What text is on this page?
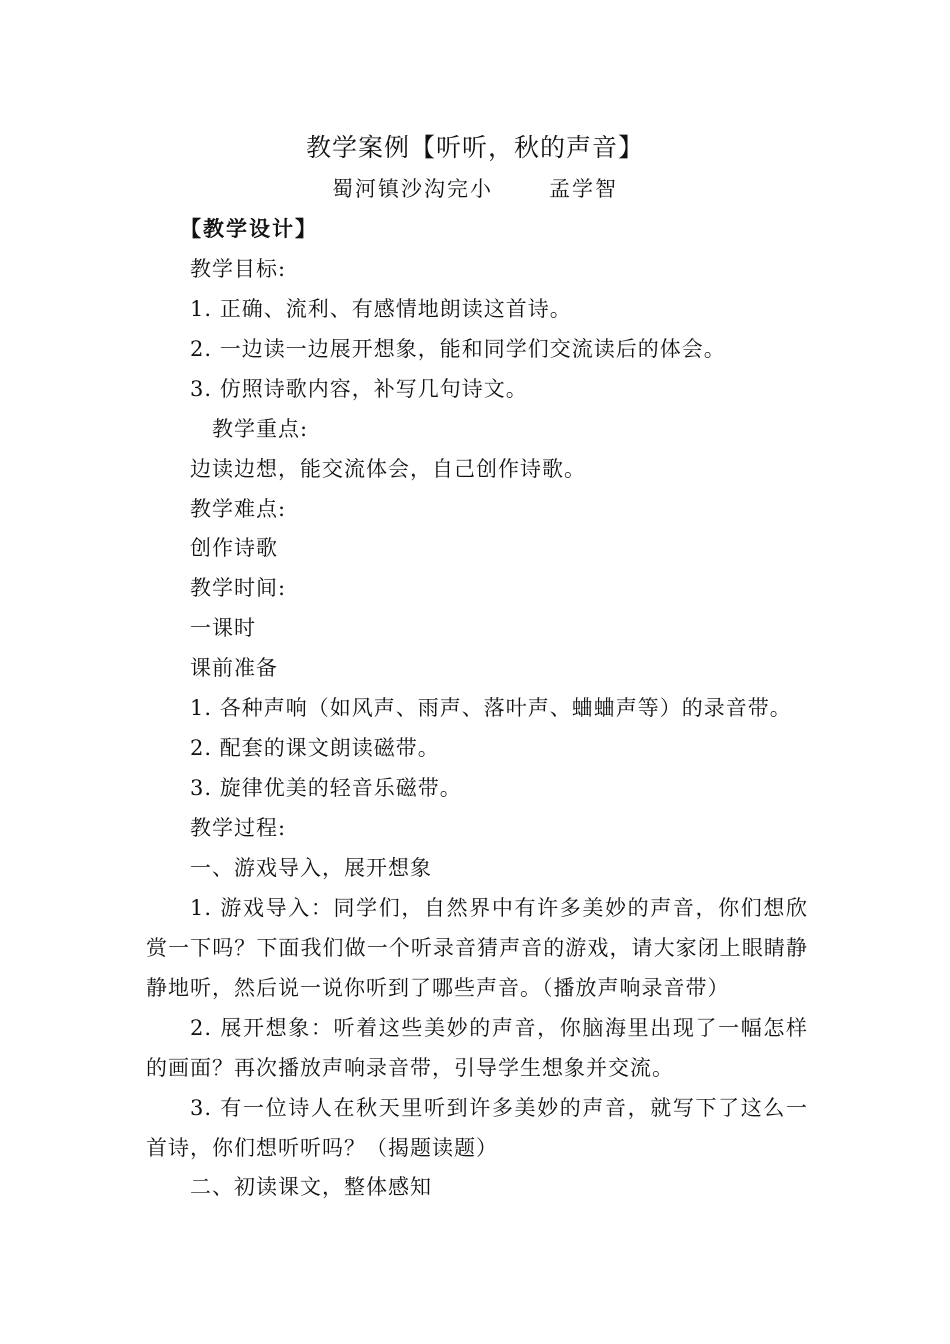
教学案例【听听，秋的声音】
蜀河镇沙沟完小	孟学智
【教学设计】
教学目标:
1. 正确、流利、有感情地朗读这首诗。
2. 一边读一边展开想象，能和同学们交流读后的体会。
3. 仿照诗歌内容，补写几句诗文。
教学重点:
边读边想，能交流体会，自己创作诗歌。
教学难点:
创作诗歌
教学时间:
一课时
课前准备
1. 各种声响（如风声、雨声、落叶声、蛐蛐声等）的录音带。
2. 配套的课文朗读磁带。
3. 旋律优美的轻音乐磁带。
教学过程:
一、游戏导入，展开想象
1. 游戏导入：同学们，自然界中有许多美妙的声音，你们想欣赏一下吗？下面我们做一个听录音猜声音的游戏，请大家闭上眼睛静静地听，然后说一说你听到了哪些声音。（播放声响录音带）
2. 展开想象：听着这些美妙的声音，你脑海里出现了一幅怎样的画面？再次播放声响录音带，引导学生想象并交流。
3. 有一位诗人在秋天里听到许多美妙的声音，就写下了这么一首诗，你们想听听吗？（揭题读题）
二、初读课文，整体感知
